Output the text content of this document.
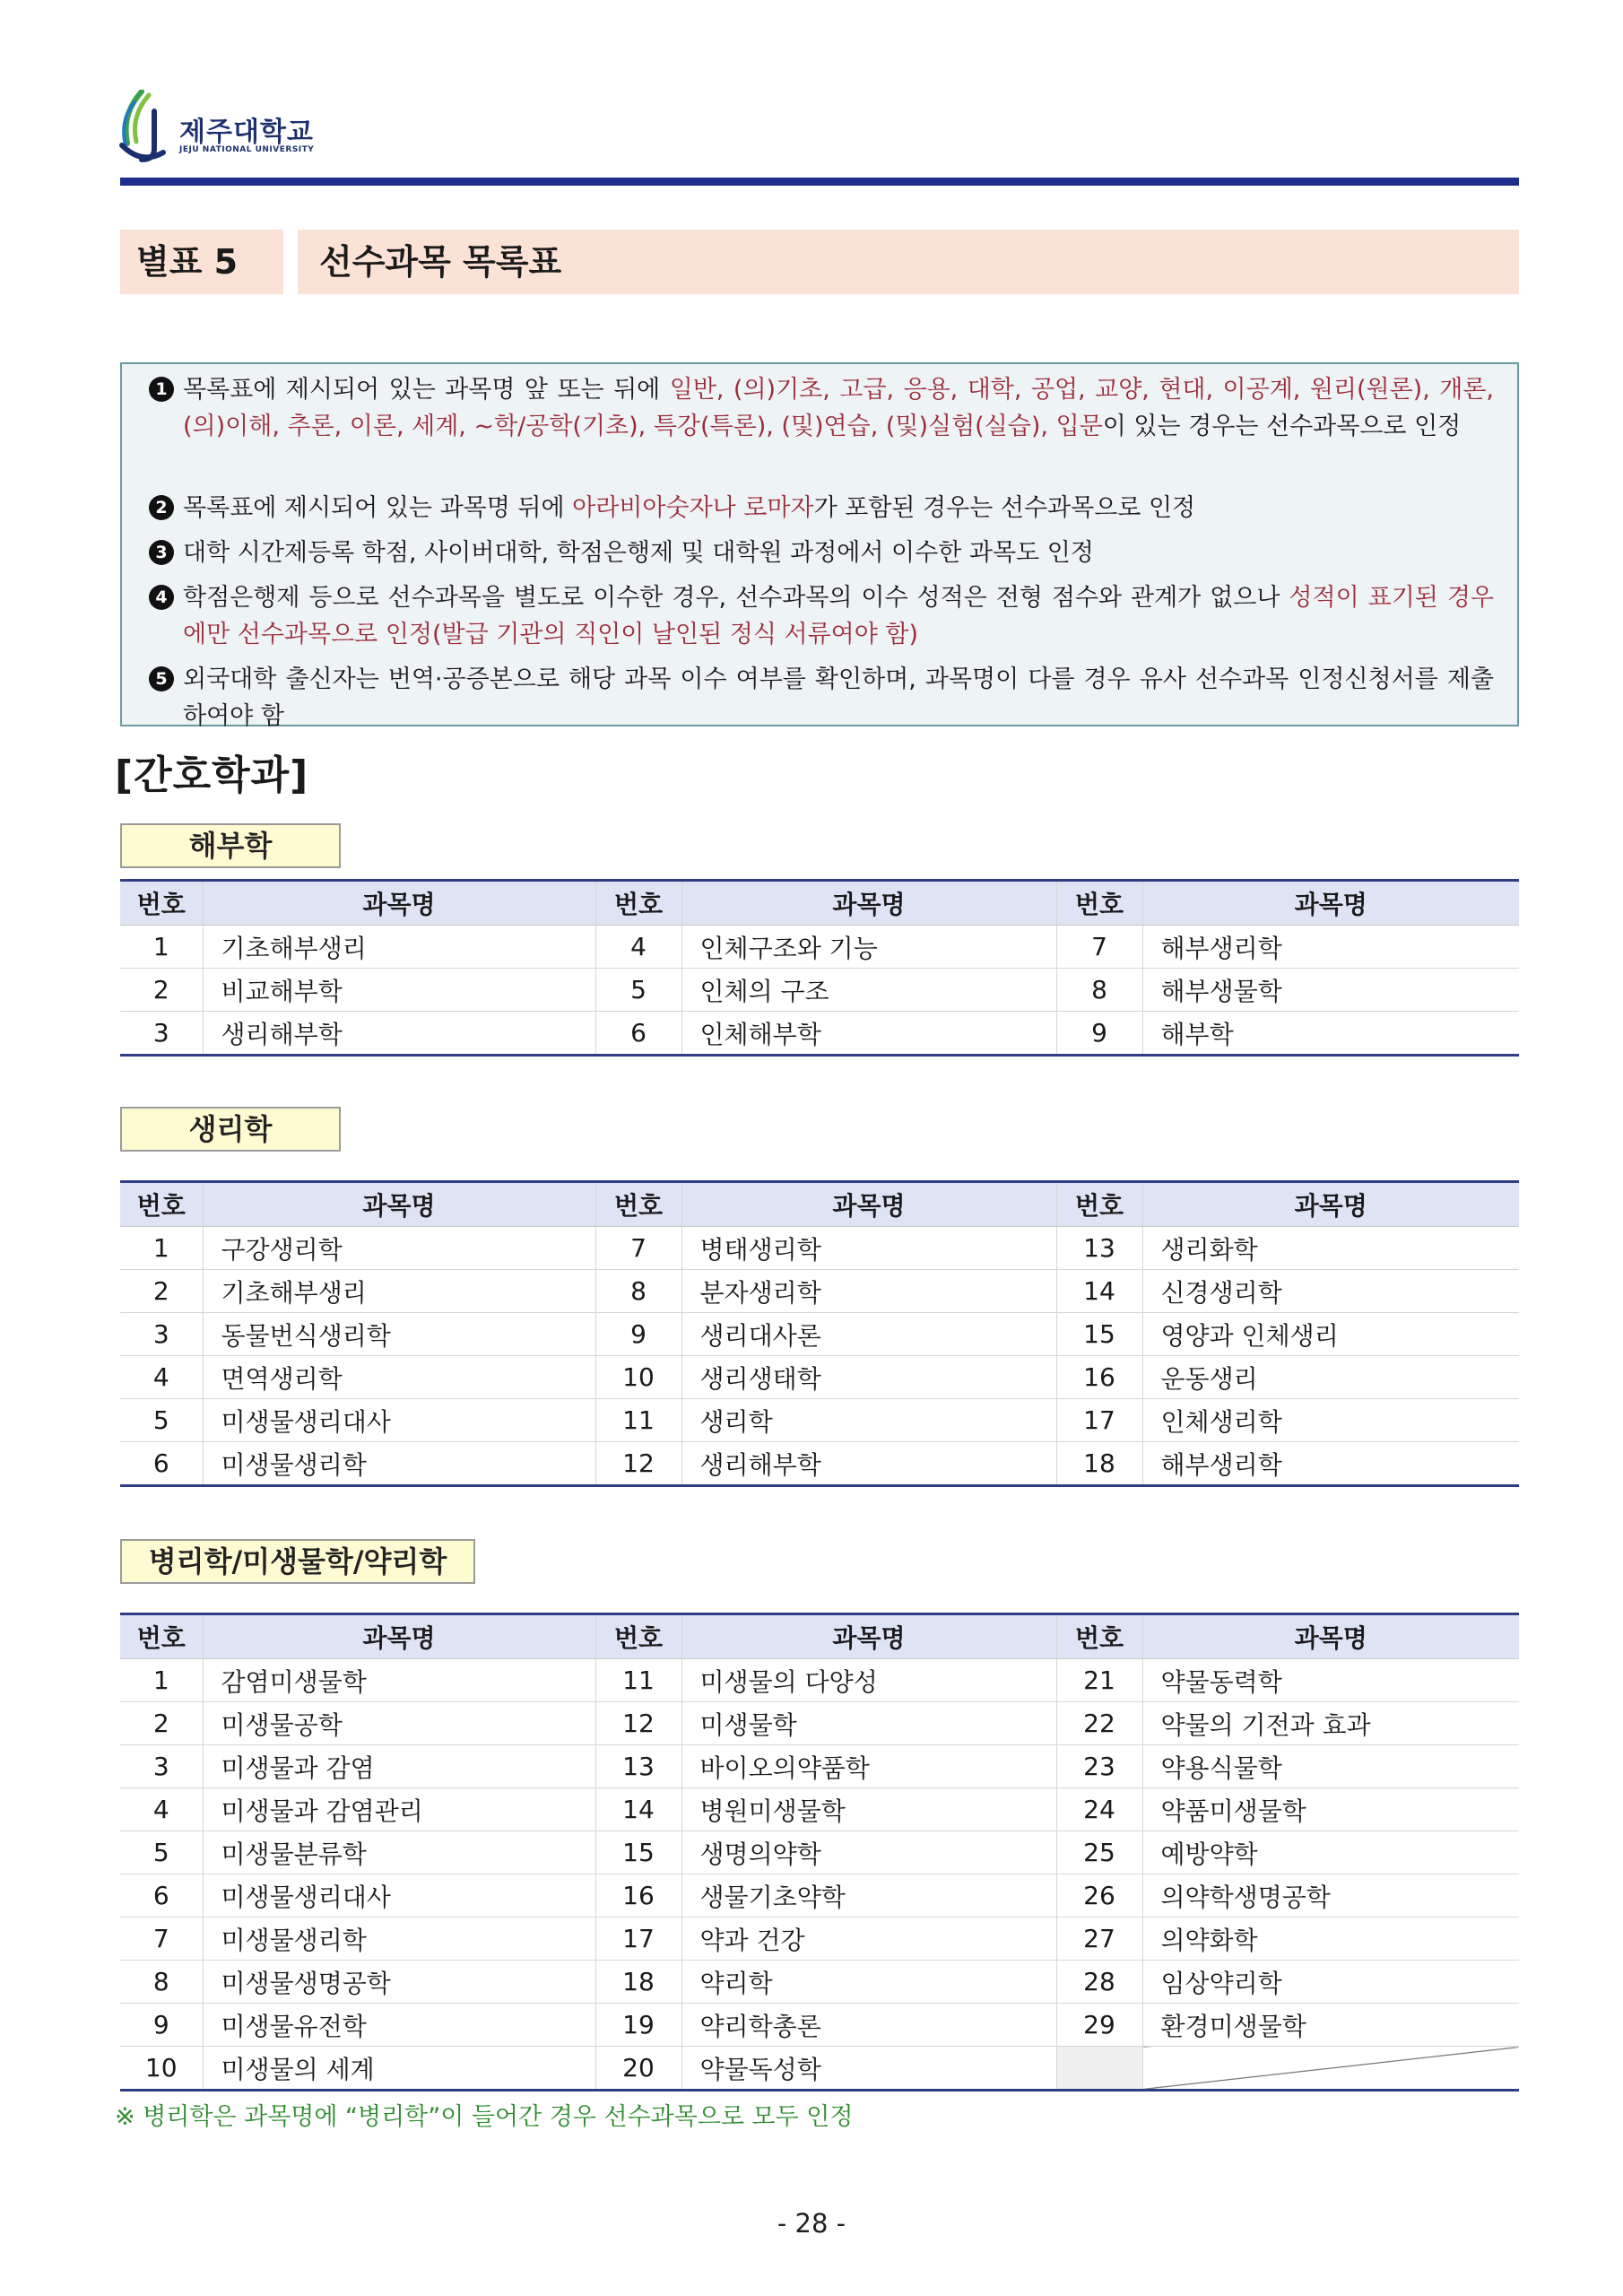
제주대학교
JEJU NATIONAL UNIVERSITY
별표 5	선수과목 목록표
1 목록표에 제시되어 있는 과목명 앞 또는 뒤에 일반, (의)기초, 고급, 응용, 대학, 공업, 교양, 현대, 이공계, 원리(원론), 개론, (의)이해, 추론, 이론, 세계, ~학/공학(기초), 특강(특론), (및)연습, (및)실험(실습), 입문이 있는 경우는 선수과목으로 인정
2 목록표에 제시되어 있는 과목명 뒤에 아라비아숫자나 로마자가 포함된 경우는 선수과목으로 인정
3 대학 시간제등록 학점, 사이버대학, 학점은행제 및 대학원 과정에서 이수한 과목도 인정
4 학점은행제 등으로 선수과목을 별도로 이수한 경우, 선수과목의 이수 성적은 전형 점수와 관계가 없으나 성적이 표기된 경우에만 선수과목으로 인정(발급 기관의 직인이 날인된 정식 서류여야 함)
5 외국대학 출신자는 번역·공증본으로 해당 과목 이수 여부를 확인하며, 과목명이 다를 경우 유사 선수과목 인정신청서를 제출하여야 함
[간호학과]
해부학
번호	과목명	번호	과목명	번호	과목명
1	기초해부생리	4	인체구조와 기능	7	해부생리학
2	비교해부학	5	인체의 구조	8	해부생물학
3	생리해부학	6	인체해부학	9	해부학
생리학
번호	과목명	번호	과목명	번호	과목명
1	구강생리학	7	병태생리학	13	생리화학
2	기초해부생리	8	분자생리학	14	신경생리학
3	동물번식생리학	9	생리대사론	15	영양과 인체생리
4	면역생리학	10	생리생태학	16	운동생리
5	미생물생리대사	11	생리학	17	인체생리학
6	미생물생리학	12	생리해부학	18	해부생리학
병리학/미생물학/약리학
번호	과목명	번호	과목명	번호	과목명
1	감염미생물학	11	미생물의 다양성	21	약물동력학
2	미생물공학	12	미생물학	22	약물의 기전과 효과
3	미생물과 감염	13	바이오의약품학	23	약용식물학
4	미생물과 감염관리	14	병원미생물학	24	약품미생물학
5	미생물분류학	15	생명의약학	25	예방약학
6	미생물생리대사	16	생물기초약학	26	의약학생명공학
7	미생물생리학	17	약과 건강	27	의약화학
8	미생물생명공학	18	약리학	28	임상약리학
9	미생물유전학	19	약리학총론	29	환경미생물학
10	미생물의 세계	20	약물독성학		
※ 병리학은 과목명에 “병리학”이 들어간 경우 선수과목으로 모두 인정
- 28 -
